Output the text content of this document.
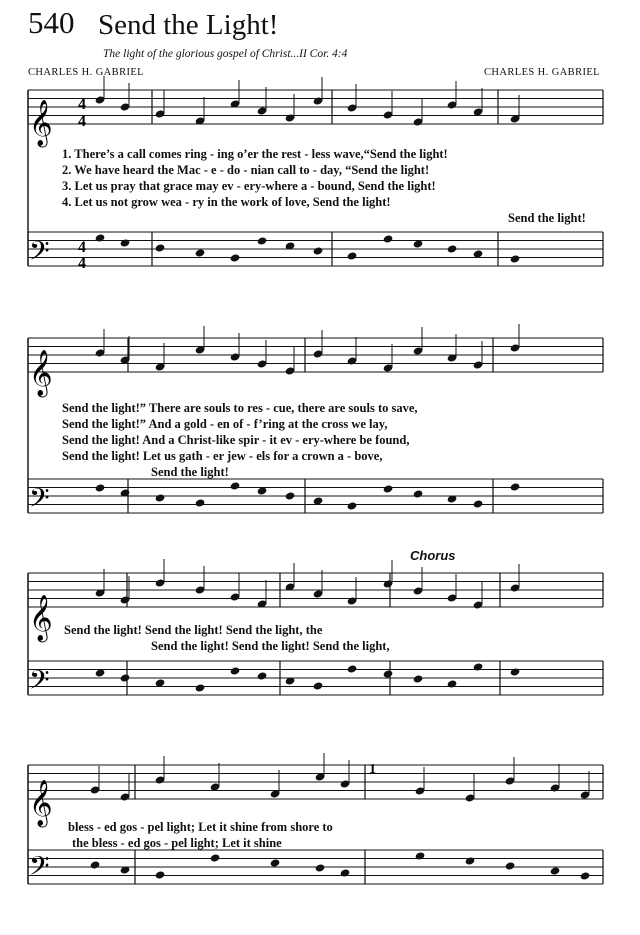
540 Send the Light!
The light of the glorious gospel of Christ...II Cor. 4:4
CHARLES H. GABRIEL	CHARLES H. GABRIEL
Chorus
𝄞
𝄞
𝄞
𝄞
𝄢
𝄢
𝄢
𝄢
4
4
4
4
1
1. There’s a call comes ring - ing o’er the rest - less wave,“Send the light!
2. We have heard the Mac - e - do - nian call to - day, “Send the light!
3. Let us pray that grace may ev - ery-where a - bound, Send the light!
4. Let us not grow wea - ry in the work of love, Send the light!
Send the light!
Send the light!” There are souls to res - cue, there are souls to save,
Send the light!” And a gold - en of - f’ring at the cross we lay,
Send the light! And a Christ-like spir - it ev - ery-where be found,
Send the light! Let us gath - er jew - els for a crown a - bove,
Send the light!
Send the light! Send the light! Send the light, the
Send the light! Send the light! Send the light,
bless - ed gos - pel light; Let it shine from shore to
the bless - ed gos - pel light; Let it shine
